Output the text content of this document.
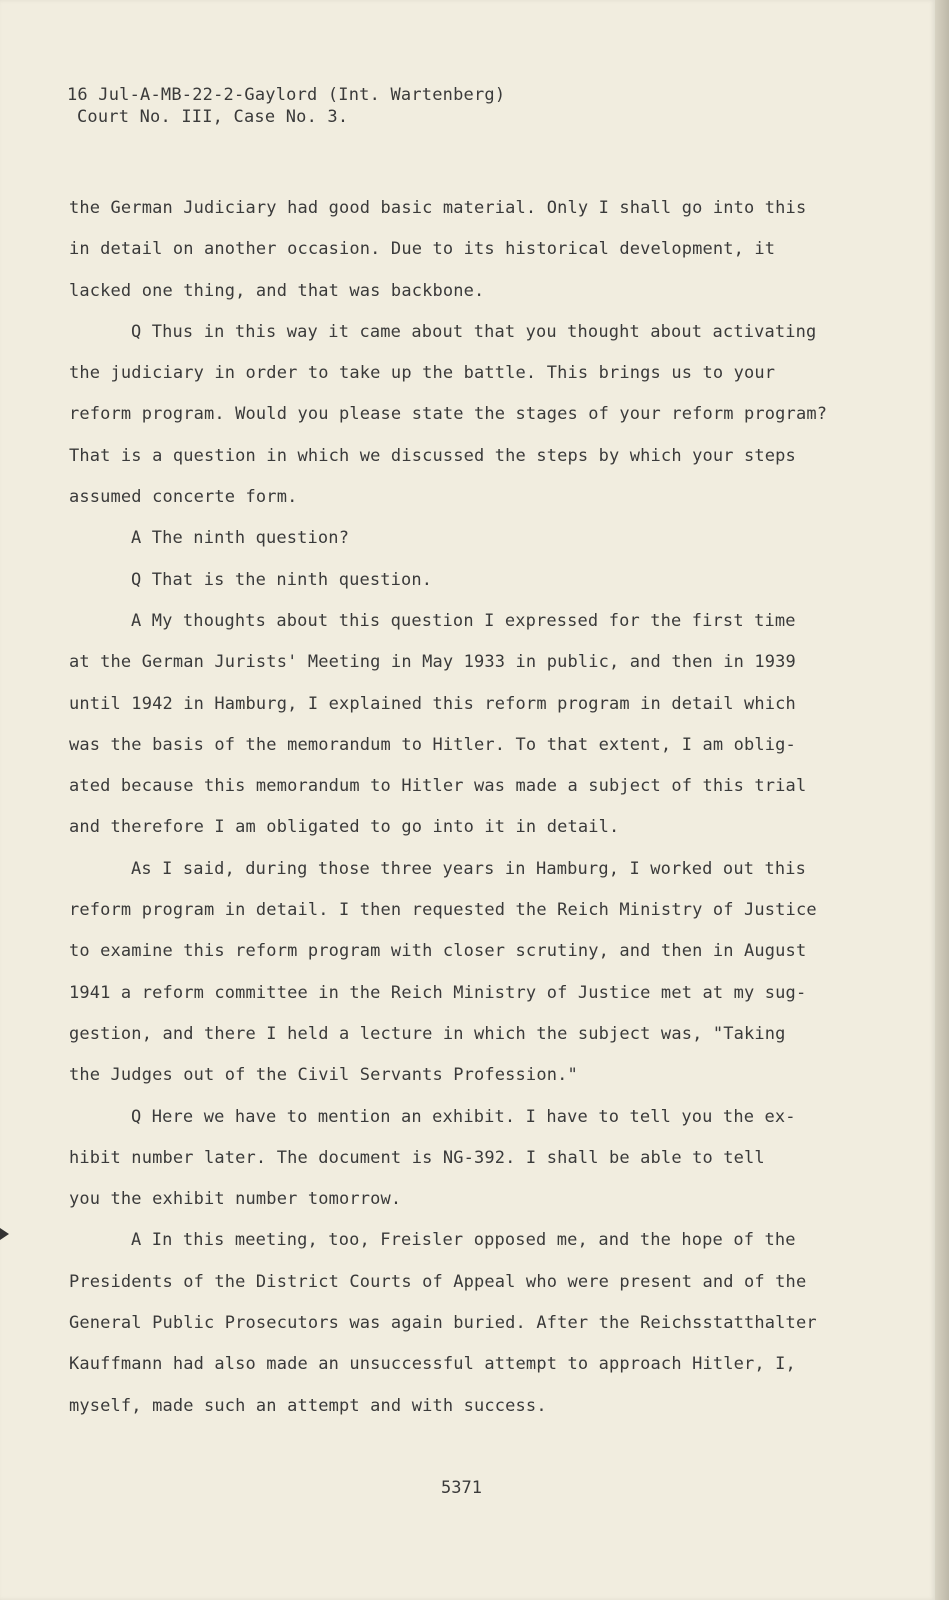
16 Jul-A-MB-22-2-Gaylord (Int. Wartenberg)
Court No. III, Case No. 3.

the German Judiciary had good basic material. Only I shall go into this
in detail on another occasion. Due to its historical development, it
lacked one thing, and that was backbone.

Q Thus in this way it came about that you thought about activating
the judiciary in order to take up the battle. This brings us to your
reform program. Would you please state the stages of your reform program?
That is a question in which we discussed the steps by which your steps
assumed concerte form.

A The ninth question?

Q That is the ninth question.

A My thoughts about this question I expressed for the first time
at the German Jurists' Meeting in May 1933 in public, and then in 1939
until 1942 in Hamburg, I explained this reform program in detail which
was the basis of the memorandum to Hitler. To that extent, I am oblig-
ated because this memorandum to Hitler was made a subject of this trial
and therefore I am obligated to go into it in detail.

As I said, during those three years in Hamburg, I worked out this
reform program in detail. I then requested the Reich Ministry of Justice
to examine this reform program with closer scrutiny, and then in August
1941 a reform committee in the Reich Ministry of Justice met at my sug-
gestion, and there I held a lecture in which the subject was, "Taking
the Judges out of the Civil Servants Profession."

Q Here we have to mention an exhibit. I have to tell you the ex-
hibit number later. The document is NG-392. I shall be able to tell
you the exhibit number tomorrow.

A In this meeting, too, Freisler opposed me, and the hope of the
Presidents of the District Courts of Appeal who were present and of the
General Public Prosecutors was again buried. After the Reichsstatthalter
Kauffmann had also made an unsuccessful attempt to approach Hitler, I,
myself, made such an attempt and with success.

5371
